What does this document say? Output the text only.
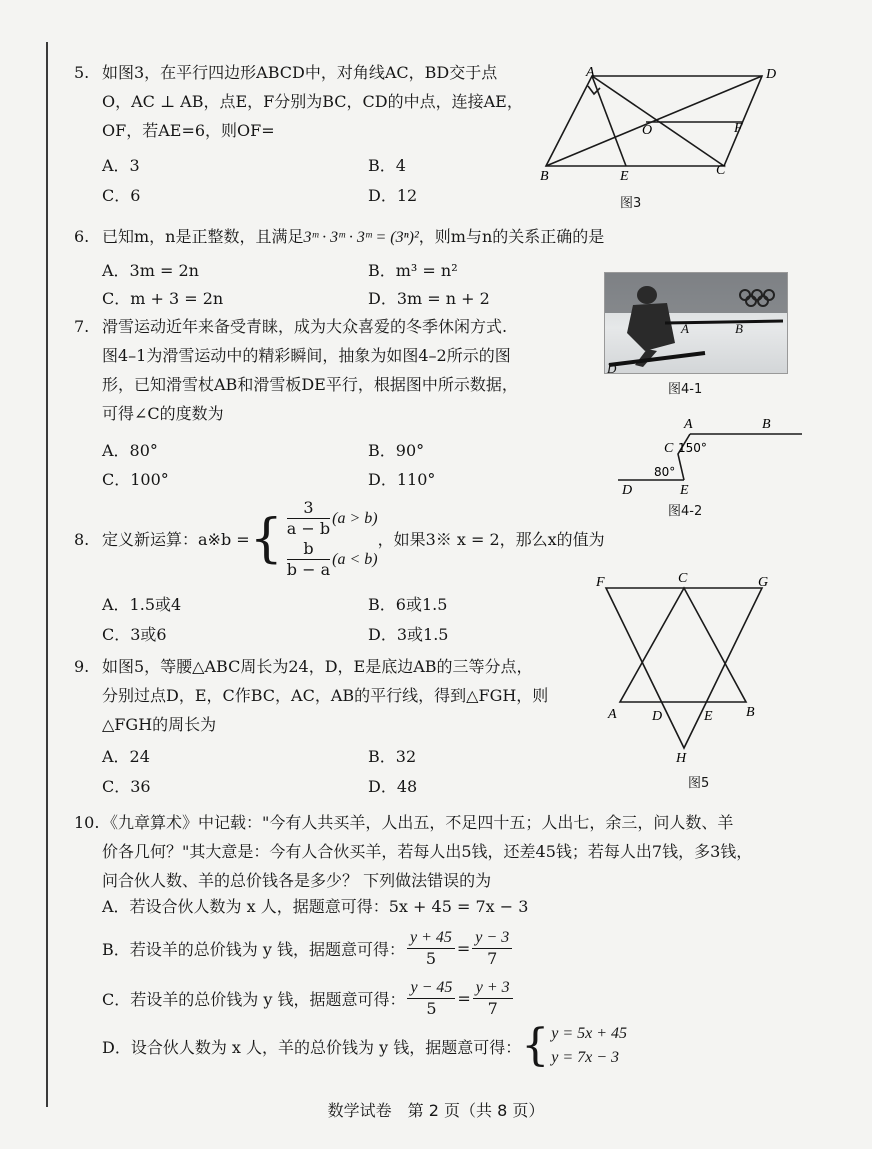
5. 如图3，在平行四边形ABCD中，对角线AC，BD交于点
O，AC ⊥ AB，点E，F分别为BC，CD的中点，连接AE，
OF，若AE=6，则OF=
A．3	B．4
C．6	D．12
A	D
O	F
B	E	C
图3
6. 已知m，n是正整数，且满足3ᵐ · 3ᵐ · 3ᵐ = (3ⁿ)²，则m与n的关系正确的是
A．3m = 2n	B．m³ = n²
C．m + 3 = 2n	D．3m = n + 2
A	B
D
图4-1
7. 滑雪运动近年来备受青睐，成为大众喜爱的冬季休闲方式.
图4–1为滑雪运动中的精彩瞬间，抽象为如图4–2所示的图
形，已知滑雪杖AB和滑雪板DE平行，根据图中所示数据，
可得∠C的度数为
A．80°	B．90°
C．100°	D．110°
A	B
C
D	E
150°
80°
图4-2
8. 定义新运算：a※b = { $\frac{3}{a - b} (a > b)$
$\frac{b}{b - a} (a < b)$
，如果3※ x = 2，那么x的值为
A．1.5或4	B．6或1.5
C．3或6	D．3或1.5
F	C	G
A	D	E B
H
图5
9. 如图5，等腰△ABC周长为24，D，E是底边AB的三等分点，
分别过点D，E，C作BC，AC，AB的平行线，得到△FGH，则
△FGH的周长为
A．24	B．32
C．36	D．48
10. 《九章算术》中记载："今有人共买羊，人出五，不足四十五；人出七，余三，问人数、羊
价各几何？"其大意是：今有人合伙买羊，若每人出5钱，还差45钱；若每人出7钱，多3钱，
问合伙人数、羊的总价钱各是多少？ 下列做法错误的为
A．若设合伙人数为 x 人，据题意可得：5x + 45 = 7x − 3
B．若设羊的总价钱为 y 钱，据题意可得： $\frac{y + 45}{5} = \frac{y - 3}{7}$
C．若设羊的总价钱为 y 钱，据题意可得： $\frac{y - 45}{5} = \frac{y + 3}{7}$
D．设合伙人数为 x 人，羊的总价钱为 y 钱，据题意可得： { y = 5x + 45
y = 7x − 3
数学试卷　第 2 页（共 8 页）
